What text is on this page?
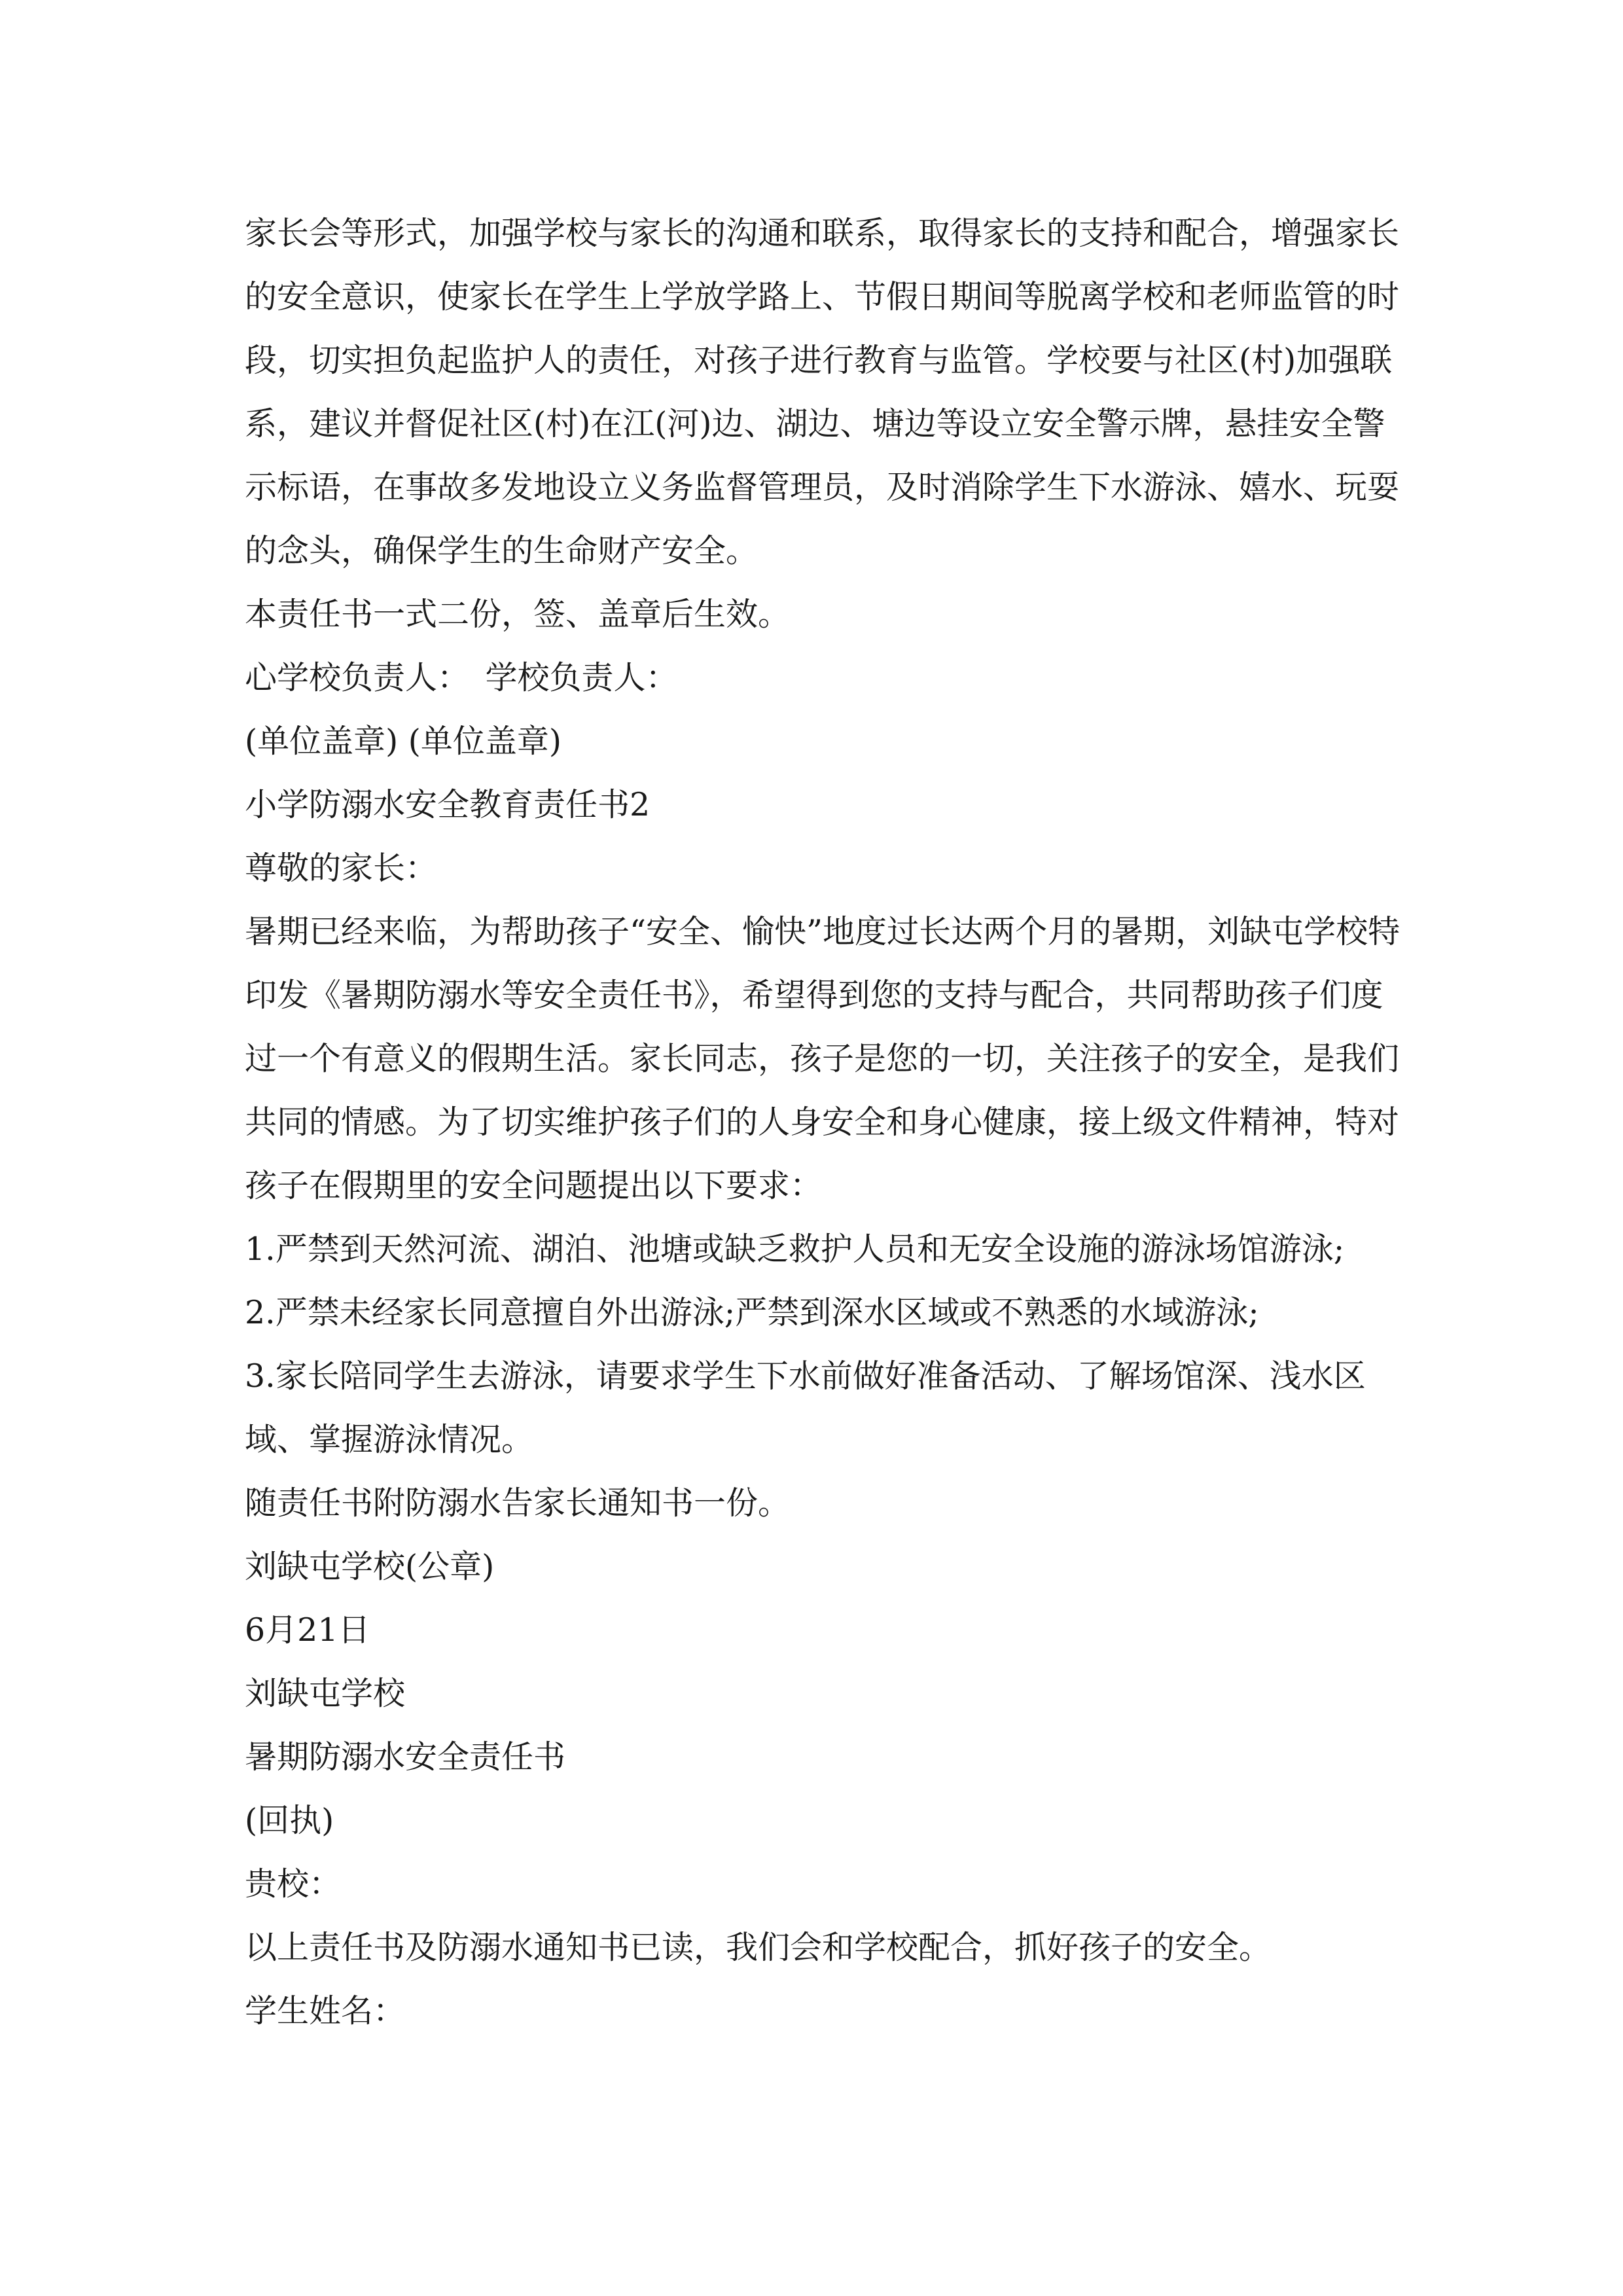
家长会等形式，加强学校与家长的沟通和联系，取得家长的支持和配合，增强家长的安全意识，使家长在学生上学放学路上、节假日期间等脱离学校和老师监管的时段，切实担负起监护人的责任，对孩子进行教育与监管。学校要与社区(村)加强联系，建议并督促社区(村)在江(河)边、湖边、塘边等设立安全警示牌，悬挂安全警示标语，在事故多发地设立义务监督管理员，及时消除学生下水游泳、嬉水、玩耍的念头，确保学生的生命财产安全。

本责任书一式二份，签、盖章后生效。

心学校负责人：　学校负责人：

(单位盖章) (单位盖章)

小学防溺水安全教育责任书2

尊敬的家长：

暑期已经来临，为帮助孩子“安全、愉快”地度过长达两个月的暑期，刘缺屯学校特印发《暑期防溺水等安全责任书》，希望得到您的支持与配合，共同帮助孩子们度过一个有意义的假期生活。家长同志，孩子是您的一切，关注孩子的安全，是我们共同的情感。为了切实维护孩子们的人身安全和身心健康，接上级文件精神，特对孩子在假期里的安全问题提出以下要求：

1.严禁到天然河流、湖泊、池塘或缺乏救护人员和无安全设施的游泳场馆游泳;

2.严禁未经家长同意擅自外出游泳;严禁到深水区域或不熟悉的水域游泳;

3.家长陪同学生去游泳，请要求学生下水前做好准备活动、了解场馆深、浅水区域、掌握游泳情况。

随责任书附防溺水告家长通知书一份。

刘缺屯学校(公章)

6月21日

刘缺屯学校

暑期防溺水安全责任书

(回执)

贵校：

以上责任书及防溺水通知书已读，我们会和学校配合，抓好孩子的安全。

学生姓名：
